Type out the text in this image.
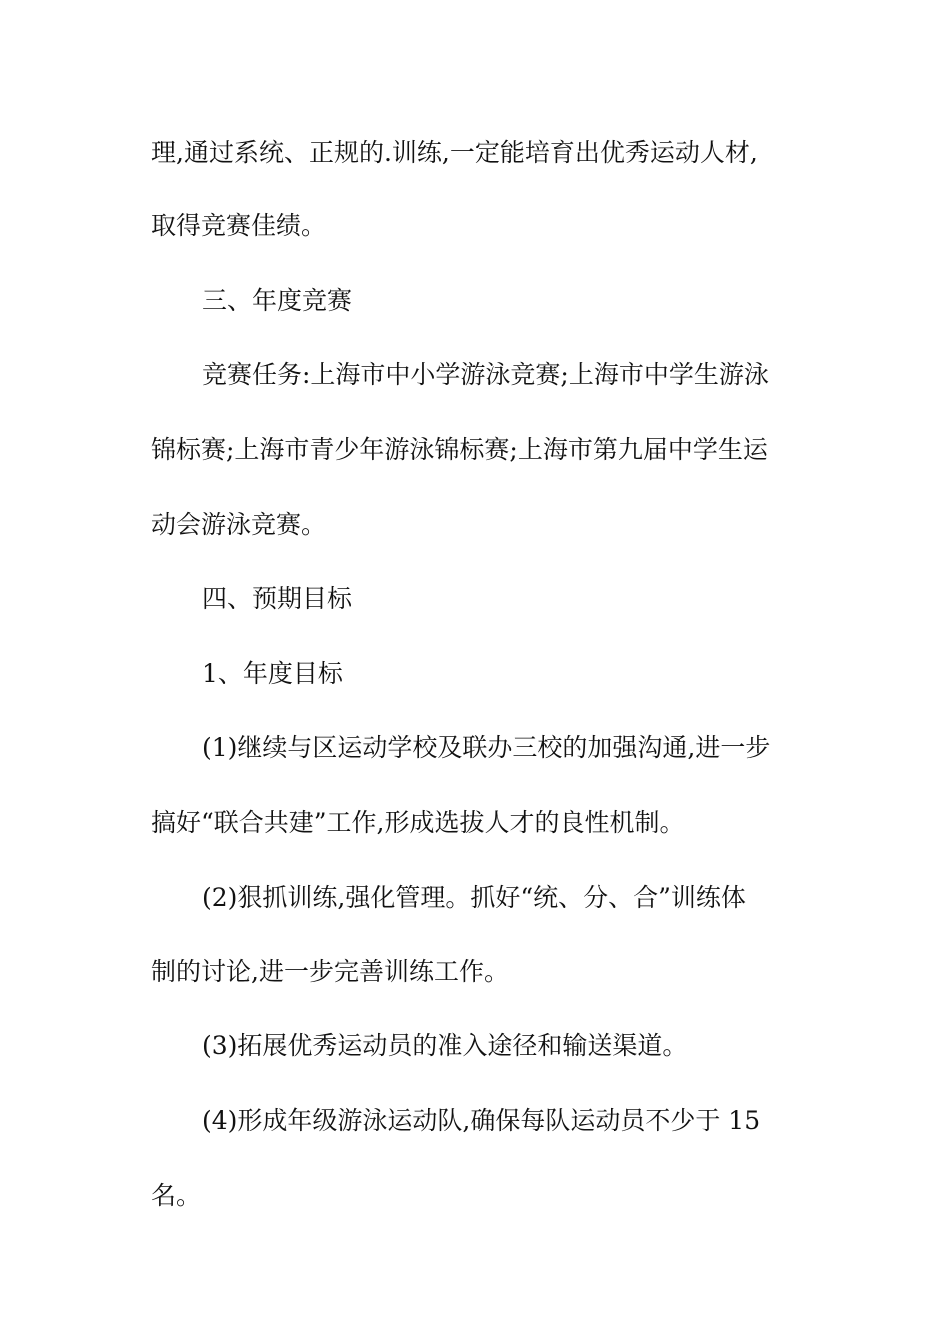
理,通过系统、正规的.训练,一定能培育出优秀运动人材,
取得竞赛佳绩。
三、年度竞赛
竞赛任务:上海市中小学游泳竞赛;上海市中学生游泳
锦标赛;上海市青少年游泳锦标赛;上海市第九届中学生运
动会游泳竞赛。
四、预期目标
1、年度目标
(1)继续与区运动学校及联办三校的加强沟通,进一步
搞好“联合共建”工作,形成选拔人才的良性机制。
(2)狠抓训练,强化管理。抓好“统、分、合”训练体
制的讨论,进一步完善训练工作。
(3)拓展优秀运动员的准入途径和输送渠道。
(4)形成年级游泳运动队,确保每队运动员不少于 15
名。
